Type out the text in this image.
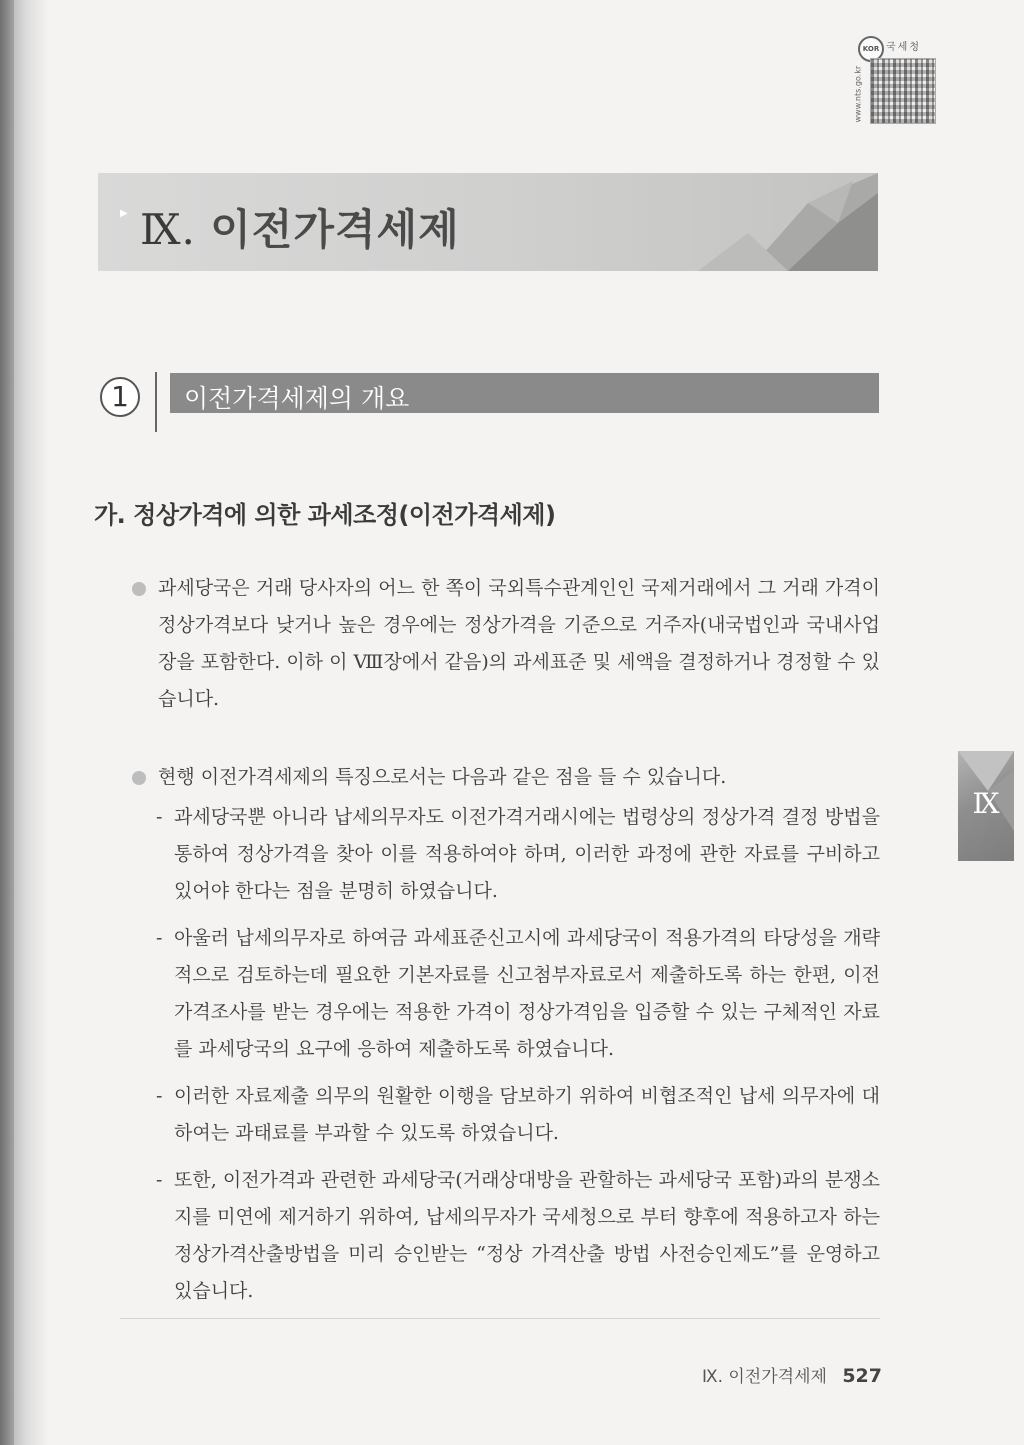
KOR 국세청
www.nts.go.kr
▶ Ⅸ. 이전가격세제
1	이전가격세제의 개요
가. 정상가격에 의한 과세조정(이전가격세제)

과세당국은 거래 당사자의 어느 한 쪽이 국외특수관계인인 국제거래에서 그 거래 가격이 정상가격보다 낮거나 높은 경우에는 정상가격을 기준으로 거주자(내국법인과 국내사업장을 포함한다. 이하 이 Ⅷ장에서 같음)의 과세표준 및 세액을 결정하거나 경정할 수 있습니다.

현행 이전가격세제의 특징으로서는 다음과 같은 점을 들 수 있습니다.

- 과세당국뿐 아니라 납세의무자도 이전가격거래시에는 법령상의 정상가격 결정 방법을 통하여 정상가격을 찾아 이를 적용하여야 하며, 이러한 과정에 관한 자료를 구비하고 있어야 한다는 점을 분명히 하였습니다.

- 아울러 납세의무자로 하여금 과세표준신고시에 과세당국이 적용가격의 타당성을 개략적으로 검토하는데 필요한 기본자료를 신고첨부자료로서 제출하도록 하는 한편, 이전가격조사를 받는 경우에는 적용한 가격이 정상가격임을 입증할 수 있는 구체적인 자료를 과세당국의 요구에 응하여 제출하도록 하였습니다.

- 이러한 자료제출 의무의 원활한 이행을 담보하기 위하여 비협조적인 납세 의무자에 대하여는 과태료를 부과할 수 있도록 하였습니다.

- 또한, 이전가격과 관련한 과세당국(거래상대방을 관할하는 과세당국 포함)과의 분쟁소지를 미연에 제거하기 위하여, 납세의무자가 국세청으로 부터 향후에 적용하고자 하는 정상가격산출방법을 미리 승인받는 “정상 가격산출 방법 사전승인제도”를 운영하고 있습니다.

Ⅸ
Ⅸ. 이전가격세제 527
